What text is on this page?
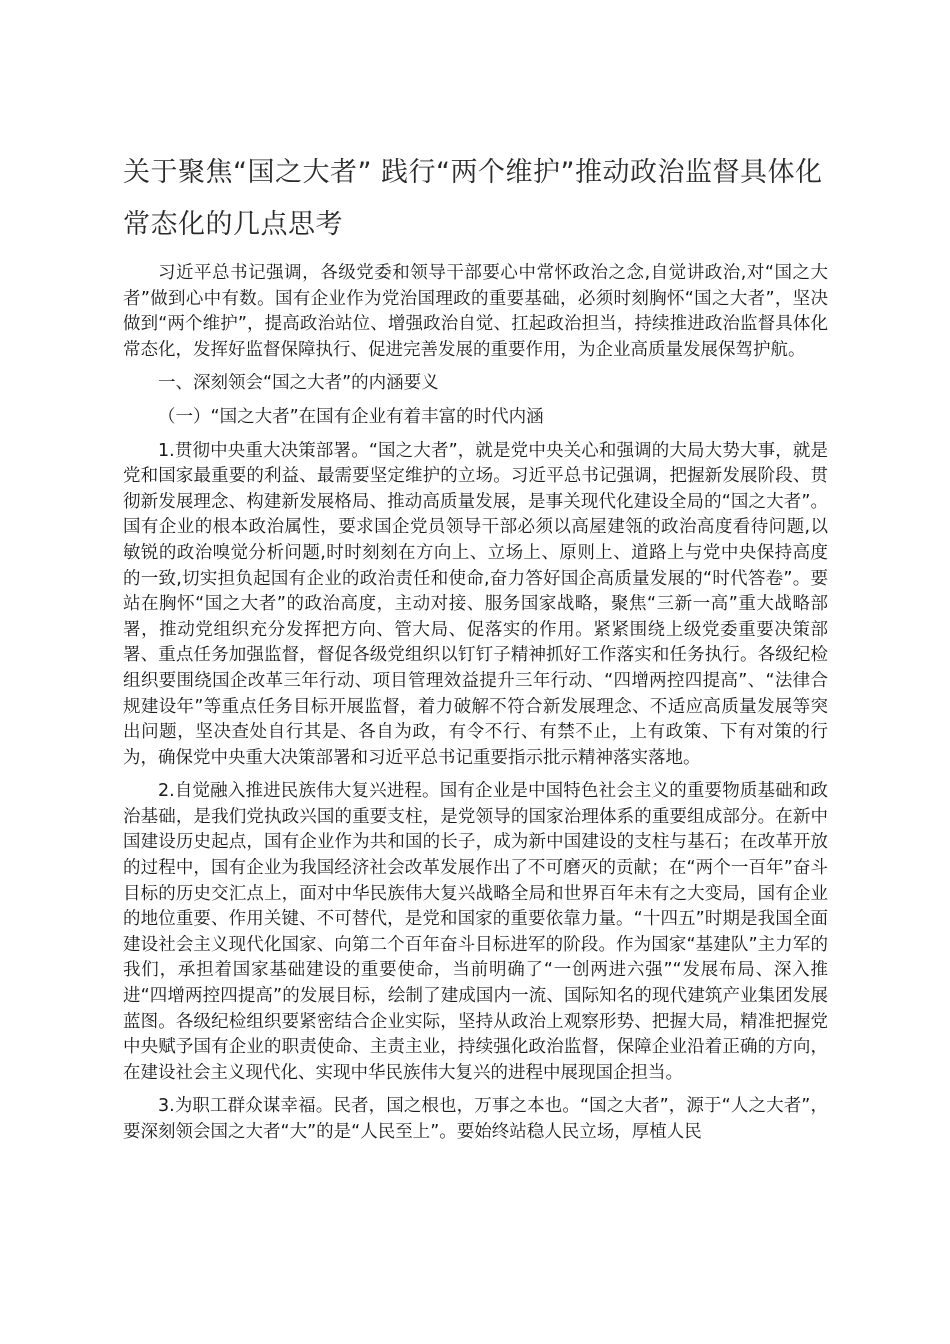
关于聚焦“国之大者” 践行“两个维护”推动政治监督具体化常态化的几点思考

习近平总书记强调，各级党委和领导干部要心中常怀政治之念,自觉讲政治,对“国之大者”做到心中有数。国有企业作为党治国理政的重要基础，必须时刻胸怀“国之大者”，坚决做到“两个维护”，提高政治站位、增强政治自觉、扛起政治担当，持续推进政治监督具体化常态化，发挥好监督保障执行、促进完善发展的重要作用，为企业高质量发展保驾护航。

一、深刻领会“国之大者”的内涵要义

（一）“国之大者”在国有企业有着丰富的时代内涵

1.贯彻中央重大决策部署。“国之大者”，就是党中央关心和强调的大局大势大事，就是党和国家最重要的利益、最需要坚定维护的立场。习近平总书记强调，把握新发展阶段、贯彻新发展理念、构建新发展格局、推动高质量发展，是事关现代化建设全局的“国之大者”。国有企业的根本政治属性，要求国企党员领导干部必须以高屋建瓴的政治高度看待问题,以敏锐的政治嗅觉分析问题,时时刻刻在方向上、立场上、原则上、道路上与党中央保持高度的一致,切实担负起国有企业的政治责任和使命,奋力答好国企高质量发展的“时代答卷”。要站在胸怀“国之大者”的政治高度，主动对接、服务国家战略，聚焦“三新一高”重大战略部署，推动党组织充分发挥把方向、管大局、促落实的作用。紧紧围绕上级党委重要决策部署、重点任务加强监督，督促各级党组织以钉钉子精神抓好工作落实和任务执行。各级纪检组织要围绕国企改革三年行动、项目管理效益提升三年行动、“四增两控四提高”、“法律合规建设年”等重点任务目标开展监督，着力破解不符合新发展理念、不适应高质量发展等突出问题，坚决查处自行其是、各自为政，有令不行、有禁不止，上有政策、下有对策的行为，确保党中央重大决策部署和习近平总书记重要指示批示精神落实落地。

2.自觉融入推进民族伟大复兴进程。国有企业是中国特色社会主义的重要物质基础和政治基础，是我们党执政兴国的重要支柱，是党领导的国家治理体系的重要组成部分。在新中国建设历史起点，国有企业作为共和国的长子，成为新中国建设的支柱与基石；在改革开放的过程中，国有企业为我国经济社会改革发展作出了不可磨灭的贡献；在“两个一百年”奋斗目标的历史交汇点上，面对中华民族伟大复兴战略全局和世界百年未有之大变局，国有企业的地位重要、作用关键、不可替代，是党和国家的重要依靠力量。“十四五”时期是我国全面建设社会主义现代化国家、向第二个百年奋斗目标进军的阶段。作为国家“基建队”主力军的我们，承担着国家基础建设的重要使命，当前明确了“一创两进六强”“发展布局、深入推进“四增两控四提高”的发展目标，绘制了建成国内一流、国际知名的现代建筑产业集团发展蓝图。各级纪检组织要紧密结合企业实际，坚持从政治上观察形势、把握大局，精准把握党中央赋予国有企业的职责使命、主责主业，持续强化政治监督，保障企业沿着正确的方向，在建设社会主义现代化、实现中华民族伟大复兴的进程中展现国企担当。

3.为职工群众谋幸福。民者，国之根也，万事之本也。“国之大者”，源于“人之大者”，要深刻领会国之大者“大”的是“人民至上”。要始终站稳人民立场，厚植人民
